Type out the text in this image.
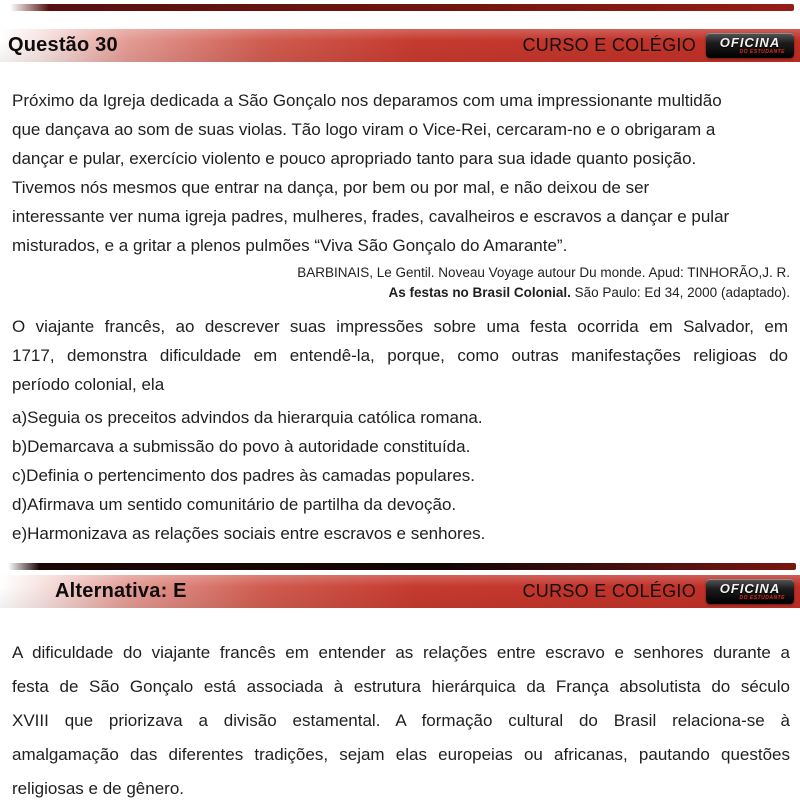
Questão 30	CURSO E COLÉGIO OFICINA
DO ESTUDANTE
Próximo da Igreja dedicada a São Gonçalo nos deparamos com uma impressionante multidão
que dançava ao som de suas violas. Tão logo viram o Vice-Rei, cercaram-no e o obrigaram a
dançar e pular, exercício violento e pouco apropriado tanto para sua idade quanto posição.
Tivemos nós mesmos que entrar na dança, por bem ou por mal, e não deixou de ser
interessante ver numa igreja padres, mulheres, frades, cavalheiros e escravos a dançar e pular
misturados, e a gritar a plenos pulmões “Viva São Gonçalo do Amarante”.
BARBINAIS, Le Gentil. Noveau Voyage autour Du monde. Apud: TINHORÃO,J. R.
As festas no Brasil Colonial. São Paulo: Ed 34, 2000 (adaptado).
O viajante francês, ao descrever suas impressões sobre uma festa ocorrida em Salvador, em
1717, demonstra dificuldade em entendê-la, porque, como outras manifestações religioas do
período colonial, ela
a)Seguia os preceitos advindos da hierarquia católica romana.
b)Demarcava a submissão do povo à autoridade constituída.
c)Definia o pertencimento dos padres às camadas populares.
d)Afirmava um sentido comunitário de partilha da devoção.
e)Harmonizava as relações sociais entre escravos e senhores.
Alternativa: E	CURSO E COLÉGIO OFICINA
DO ESTUDANTE
A dificuldade do viajante francês em entender as relações entre escravo e senhores durante a
festa de São Gonçalo está associada à estrutura hierárquica da França absolutista do século
XVIII que priorizava a divisão estamental. A formação cultural do Brasil relaciona-se à
amalgamação das diferentes tradições, sejam elas europeias ou africanas, pautando questões
religiosas e de gênero.
